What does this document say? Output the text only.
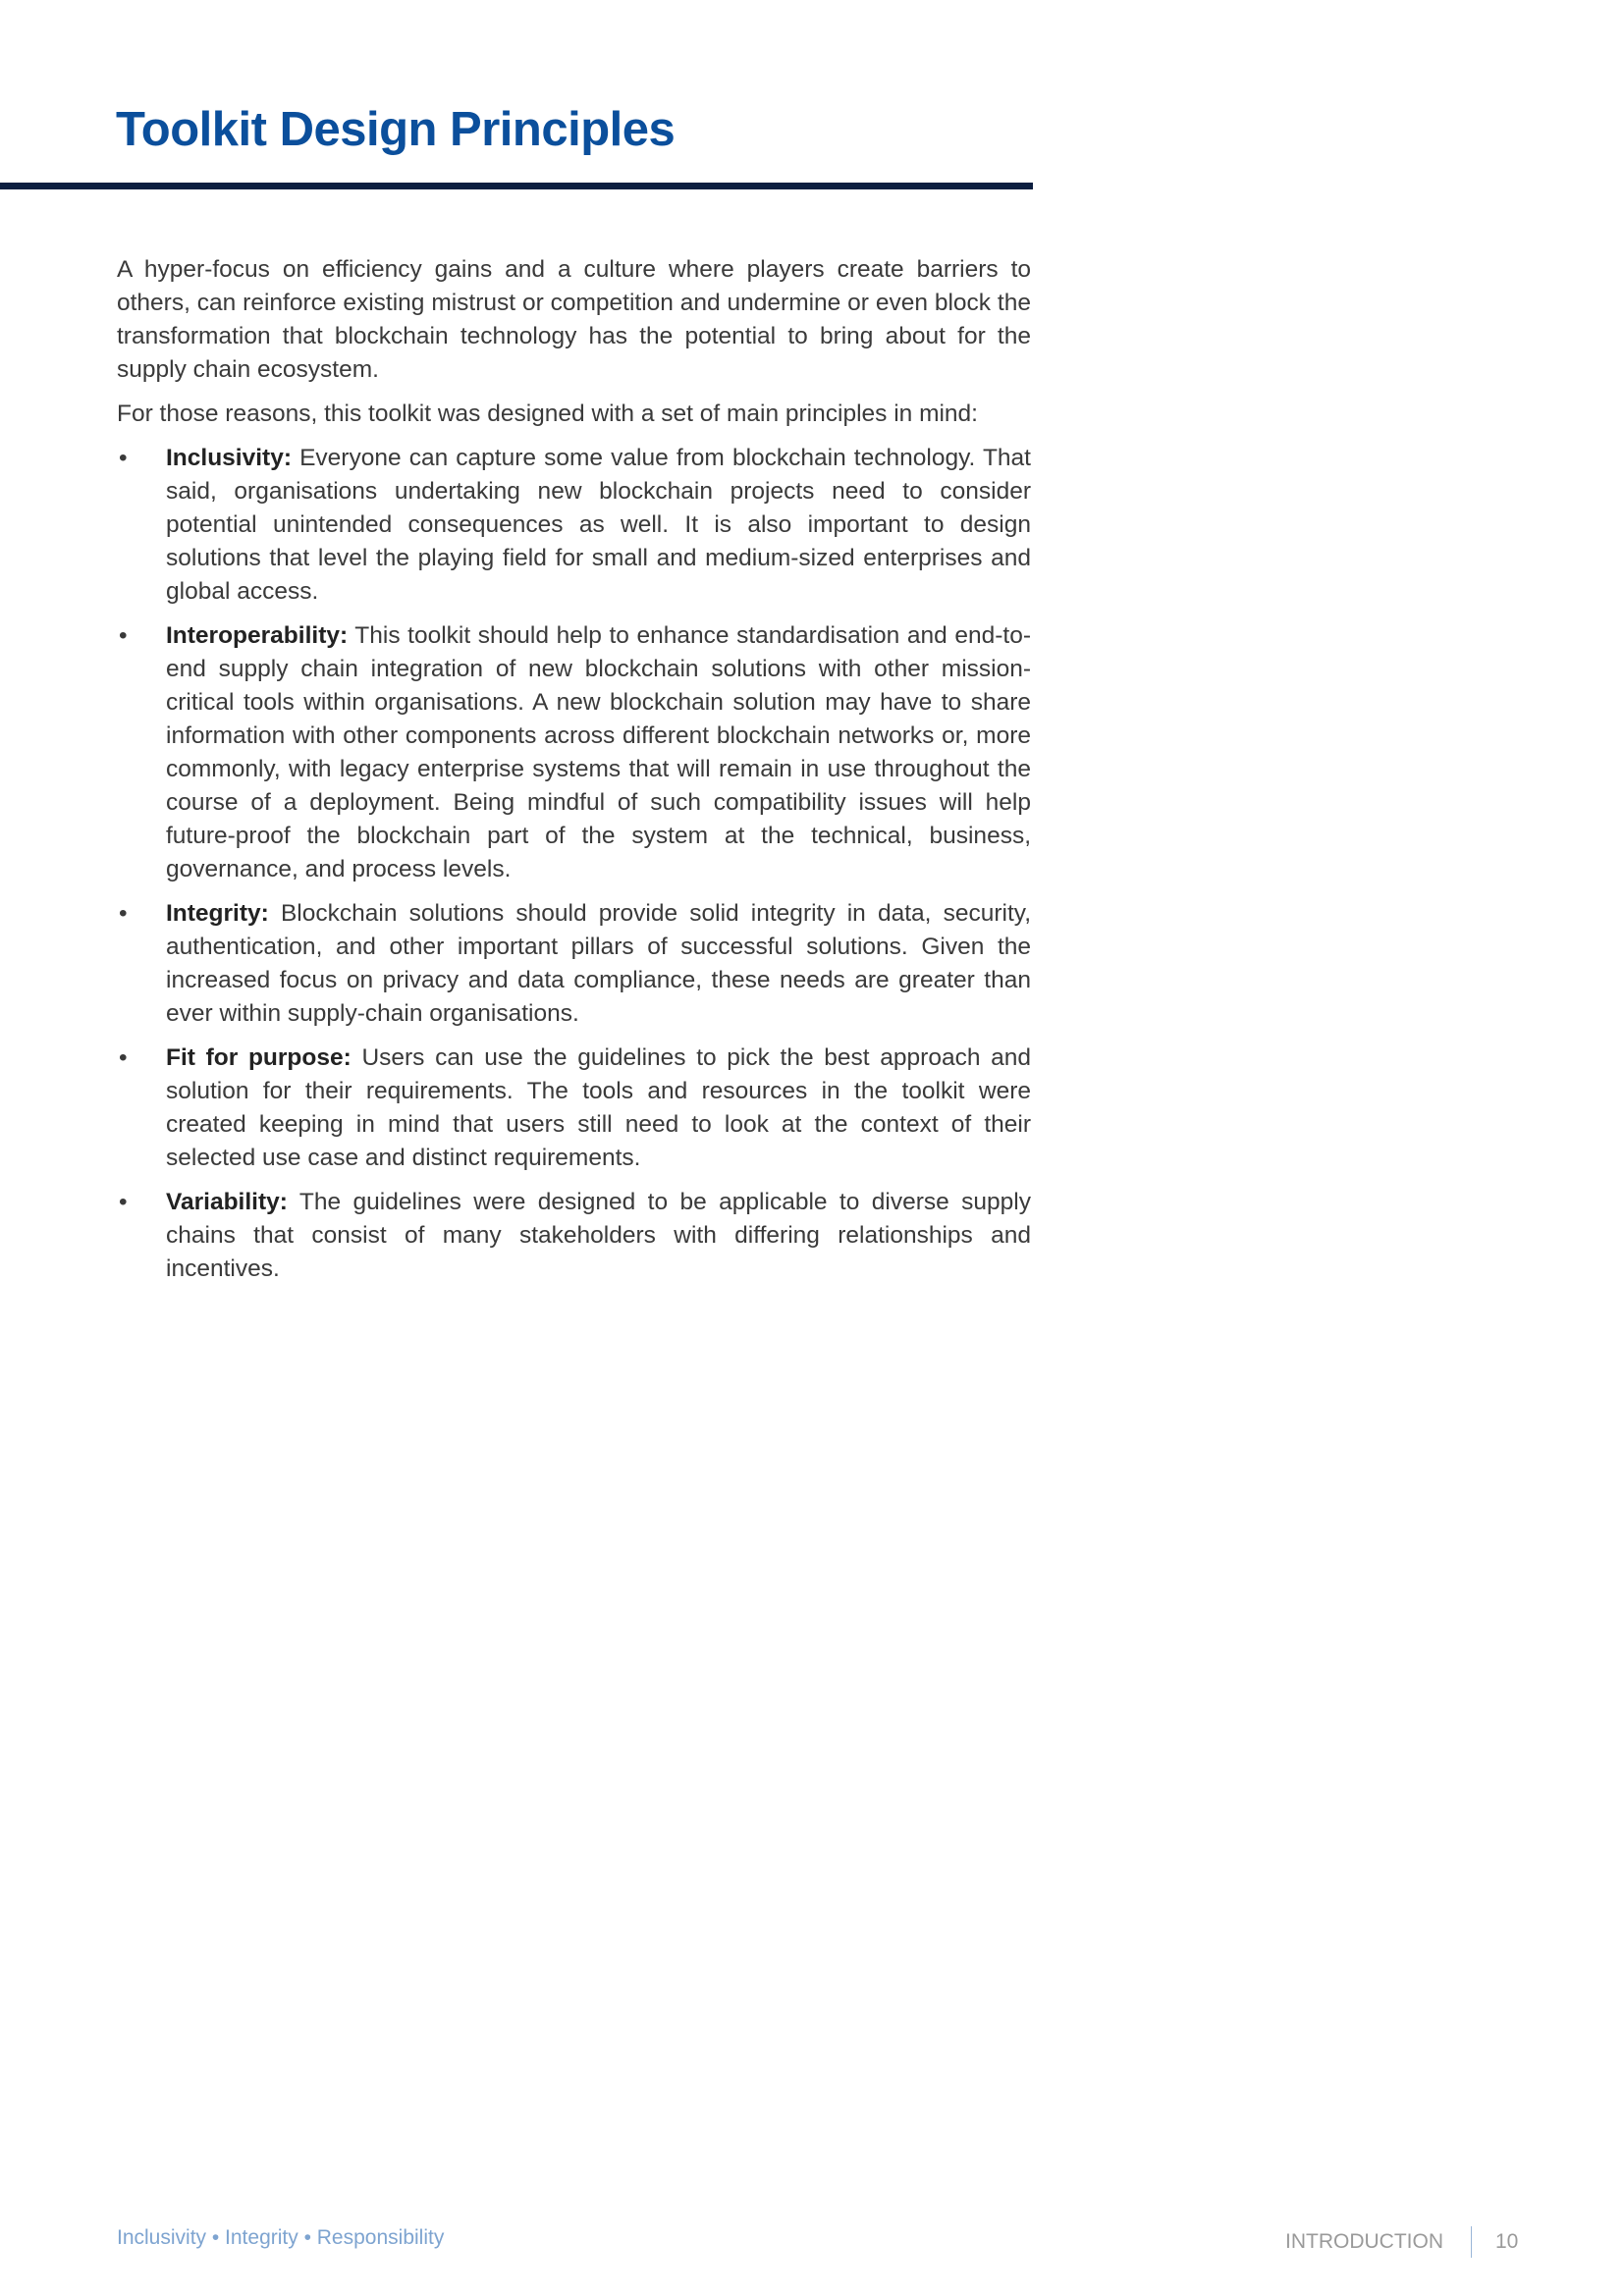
Toolkit Design Principles

A hyper-focus on efficiency gains and a culture where players create barriers to others, can reinforce existing mistrust or competition and undermine or even block the transformation that blockchain technology has the potential to bring about for the supply chain ecosystem.

For those reasons, this toolkit was designed with a set of main principles in mind:

• Inclusivity: Everyone can capture some value from blockchain technology. That said, organisations undertaking new blockchain projects need to consider potential unintended consequences as well. It is also important to design solutions that level the playing field for small and medium-sized enterprises and global access.
• Interoperability: This toolkit should help to enhance standardisation and end-to-end supply chain integration of new blockchain solutions with other mission-critical tools within organisations. A new blockchain solution may have to share information with other components across different blockchain networks or, more commonly, with legacy enterprise systems that will remain in use throughout the course of a deployment. Being mindful of such compatibility issues will help future-proof the blockchain part of the system at the technical, business, governance, and process levels.
• Integrity: Blockchain solutions should provide solid integrity in data, security, authentication, and other important pillars of successful solutions. Given the increased focus on privacy and data compliance, these needs are greater than ever within supply-chain organisations.
• Fit for purpose: Users can use the guidelines to pick the best approach and solution for their requirements. The tools and resources in the toolkit were created keeping in mind that users still need to look at the context of their selected use case and distinct requirements.
• Variability: The guidelines were designed to be applicable to diverse supply chains that consist of many stakeholders with differing relationships and incentives.
Inclusivity • Integrity • Responsibility	INTRODUCTION	10
